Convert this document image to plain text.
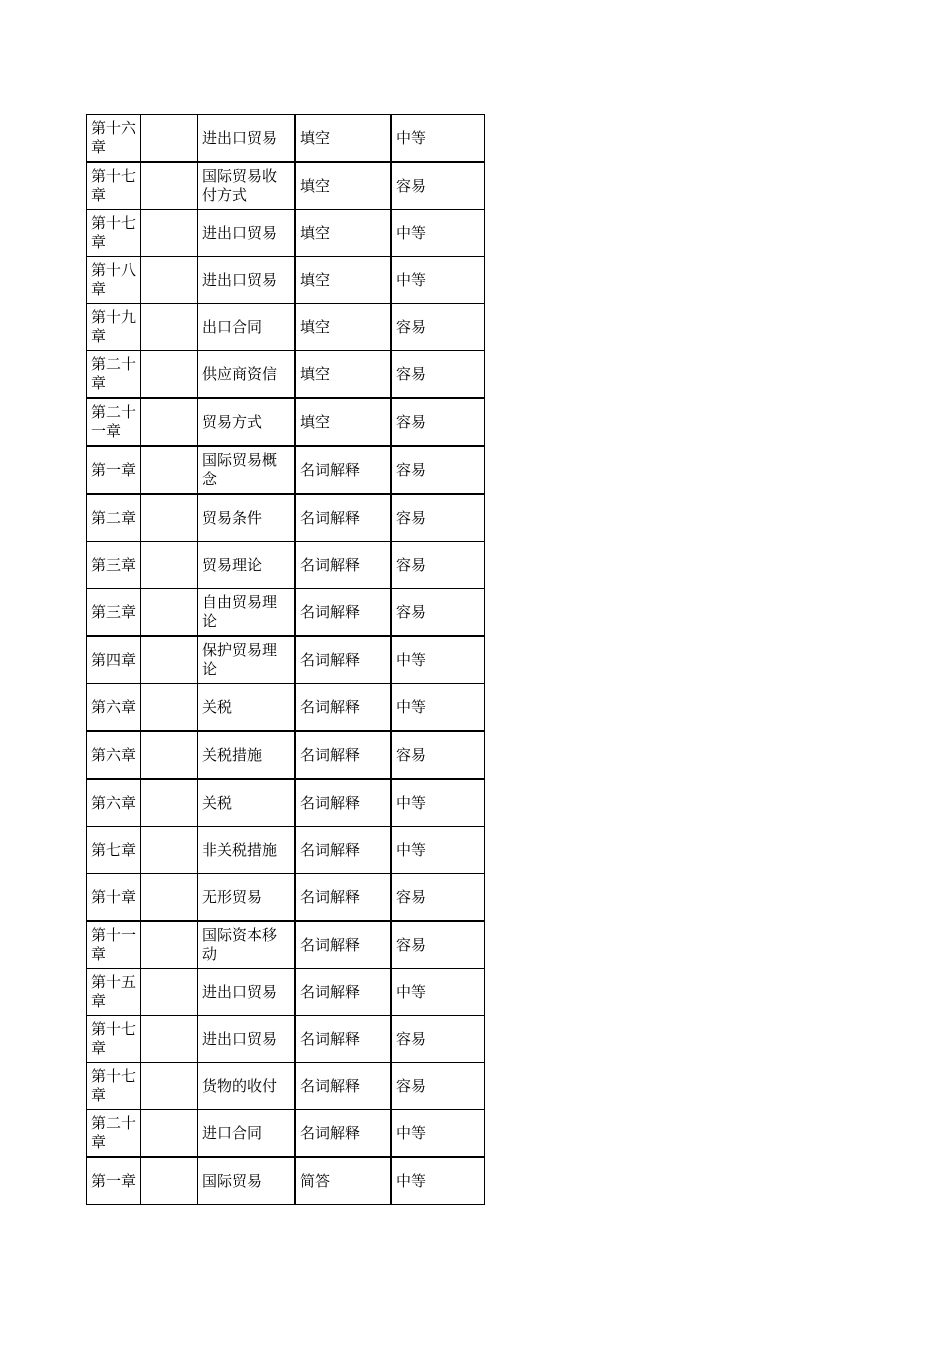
第十六章		进出口贸易	填空	中等
第十七章		国际贸易收付方式	填空	容易
第十七章		进出口贸易	填空	中等
第十八章		进出口贸易	填空	中等
第十九章		出口合同	填空	容易
第二十章		供应商资信	填空	容易
第二十一章		贸易方式	填空	容易
第一章		国际贸易概念	名词解释	容易
第二章		贸易条件	名词解释	容易
第三章		贸易理论	名词解释	容易
第三章		自由贸易理论	名词解释	容易
第四章		保护贸易理论	名词解释	中等
第六章		关税	名词解释	中等
第六章		关税措施	名词解释	容易
第六章		关税	名词解释	中等
第七章		非关税措施	名词解释	中等
第十章		无形贸易	名词解释	容易
第十一章		国际资本移动	名词解释	容易
第十五章		进出口贸易	名词解释	中等
第十七章		进出口贸易	名词解释	容易
第十七章		货物的收付	名词解释	容易
第二十章		进口合同	名词解释	中等
第一章		国际贸易	简答	中等
